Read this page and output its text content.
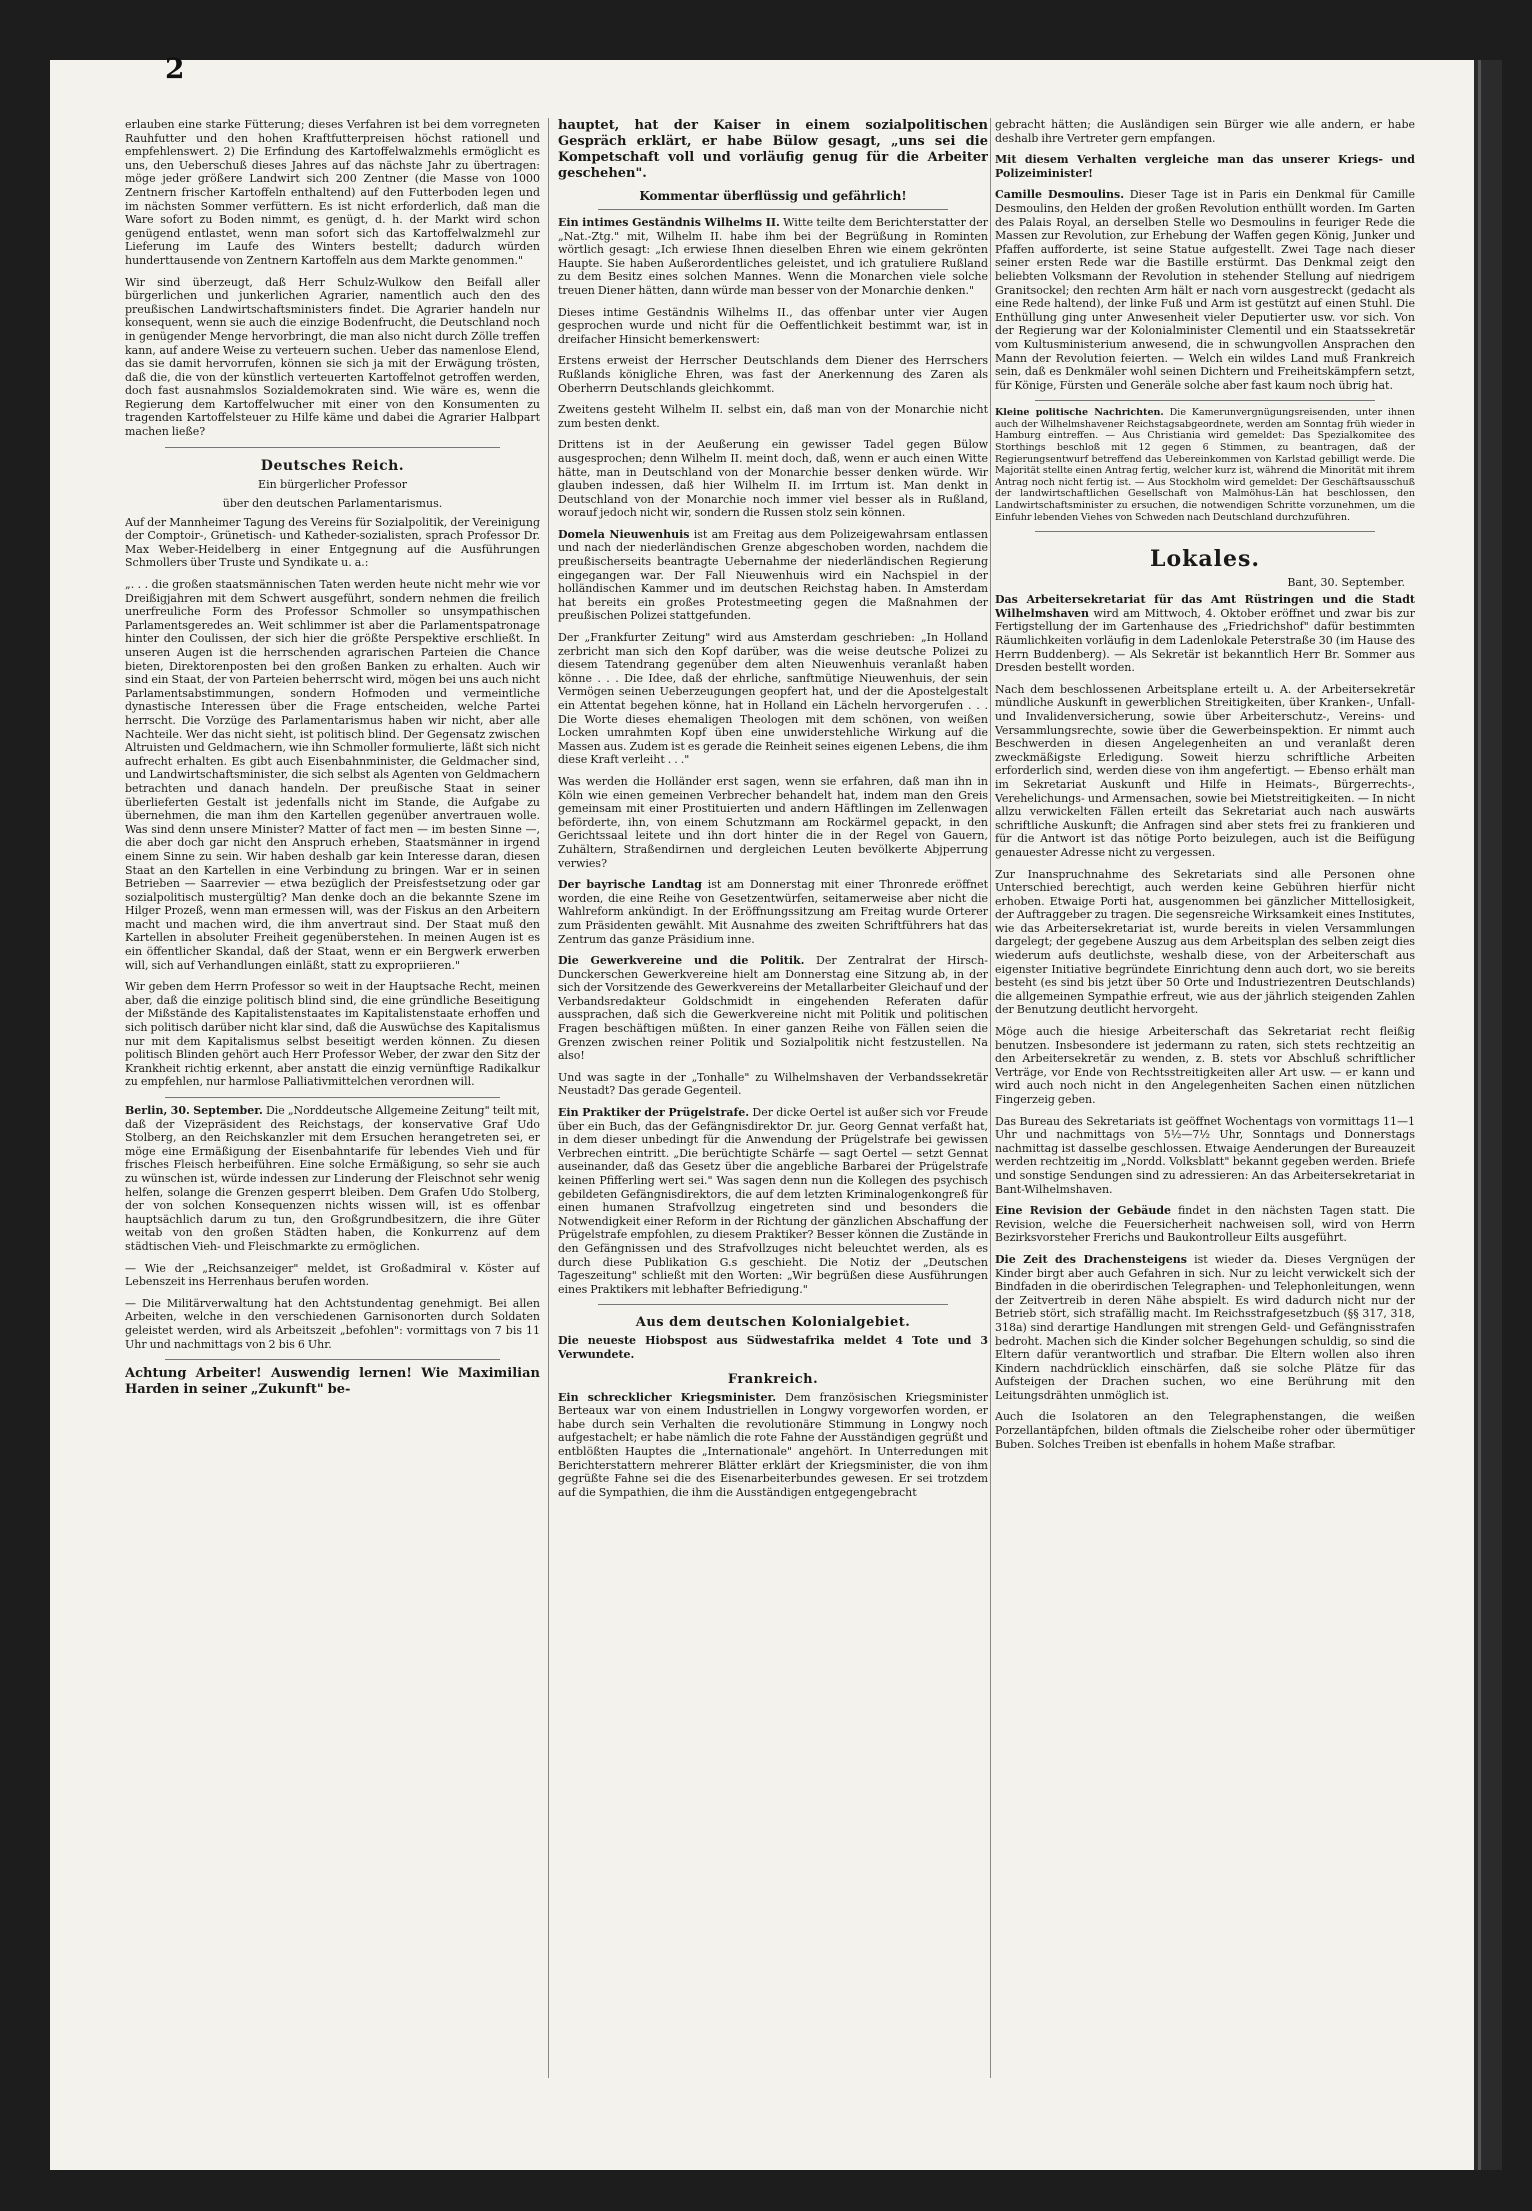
2

erlauben eine starke Fütterung; dieses Verfahren ist bei dem vorregneten Rauhfutter und den hohen Kraftfutterpreisen höchst rationell und empfehlenswert. 2) Die Erfindung des Kartoffelwalzmehls ermöglicht es uns, den Ueberschuß dieses Jahres auf das nächste Jahr zu übertragen: möge jeder größere Landwirt sich 200 Zentner (die Masse von 1000 Zentnern frischer Kartoffeln enthaltend) auf den Futterboden legen und im nächsten Sommer verfüttern. Es ist nicht erforderlich, daß man die Ware sofort zu Boden nimmt, es genügt, d. h. der Markt wird schon genügend entlastet, wenn man sofort sich das Kartoffelwalzmehl zur Lieferung im Laufe des Winters bestellt; dadurch würden hunderttausende von Zentnern Kartoffeln aus dem Markte genommen."

Wir sind überzeugt, daß Herr Schulz-Wulkow den Beifall aller bürgerlichen und junkerlichen Agrarier, namentlich auch den des preußischen Landwirtschaftsministers findet. Die Agrarier handeln nur konsequent, wenn sie auch die einzige Bodenfrucht, die Deutschland noch in genügender Menge hervorbringt, die man also nicht durch Zölle treffen kann, auf andere Weise zu verteuern suchen. Ueber das namenlose Elend, das sie damit hervorrufen, können sie sich ja mit der Erwägung trösten, daß die, die von der künstlich verteuerten Kartoffelnot getroffen werden, doch fast ausnahmslos Sozialdemokraten sind. Wie wäre es, wenn die Regierung dem Kartoffelwucher mit einer von den Konsumenten zu tragenden Kartoffelsteuer zu Hilfe käme und dabei die Agrarier Halbpart machen ließe?

Deutsches Reich.
Ein bürgerlicher Professor
über den deutschen Parlamentarismus.

Auf der Mannheimer Tagung des Vereins für Sozialpolitik, der Vereinigung der Comptoir-, Grünetisch- und Katheder-sozialisten, sprach Professor Dr. Max Weber-Heidelberg in einer Entgegnung auf die Ausführungen Schmollers über Truste und Syndikate u. a.:

„. . . die großen staatsmännischen Taten werden heute nicht mehr wie vor Dreißigjahren mit dem Schwert ausgeführt, sondern nehmen die freilich unerfreuliche Form des Professor Schmoller so unsympathischen Parlamentsgeredes an. Weit schlimmer ist aber die Parlamentspatronage hinter den Coulissen, der sich hier die größte Perspektive erschließt. In unseren Augen ist die herrschenden agrarischen Parteien die Chance bieten, Direktorenposten bei den großen Banken zu erhalten. Auch wir sind ein Staat, der von Parteien beherrscht wird, mögen bei uns auch nicht Parlamentsabstimmungen, sondern Hofmoden und vermeintliche dynastische Interessen über die Frage entscheiden, welche Partei herrscht. Die Vorzüge des Parlamentarismus haben wir nicht, aber alle Nachteile. Wer das nicht sieht, ist politisch blind. Der Gegensatz zwischen Altruisten und Geldmachern, wie ihn Schmoller formulierte, läßt sich nicht aufrecht erhalten. Es gibt auch Eisenbahnminister, die Geldmacher sind, und Landwirtschaftsminister, die sich selbst als Agenten von Geldmachern betrachten und danach handeln. Der preußische Staat in seiner überlieferten Gestalt ist jedenfalls nicht im Stande, die Aufgabe zu übernehmen, die man ihm den Kartellen gegenüber anvertrauen wolle. Was sind denn unsere Minister? Matter of fact men — im besten Sinne —, die aber doch gar nicht den Anspruch erheben, Staatsmänner in irgend einem Sinne zu sein. Wir haben deshalb gar kein Interesse daran, diesen Staat an den Kartellen in eine Verbindung zu bringen. War er in seinen Betrieben — Saarrevier — etwa bezüglich der Preisfestsetzung oder gar sozialpolitisch mustergültig? Man denke doch an die bekannte Szene im Hilger Prozeß, wenn man ermessen will, was der Fiskus an den Arbeitern macht und machen wird, die ihm anvertraut sind. Der Staat muß den Kartellen in absoluter Freiheit gegenüberstehen. In meinen Augen ist es ein öffentlicher Skandal, daß der Staat, wenn er ein Bergwerk erwerben will, sich auf Verhandlungen einläßt, statt zu expropriieren."

Wir geben dem Herrn Professor so weit in der Hauptsache Recht, meinen aber, daß die einzige politisch blind sind, die eine gründliche Beseitigung der Mißstände des Kapitalistenstaates im Kapitalistenstaate erhoffen und sich politisch darüber nicht klar sind, daß die Auswüchse des Kapitalismus nur mit dem Kapitalismus selbst beseitigt werden können. Zu diesen politisch Blinden gehört auch Herr Professor Weber, der zwar den Sitz der Krankheit richtig erkennt, aber anstatt die einzig vernünftige Radikalkur zu empfehlen, nur harmlose Palliativmittelchen verordnen will.

Berlin, 30. September. Die „Norddeutsche Allgemeine Zeitung" teilt mit, daß der Vizepräsident des Reichstags, der konservative Graf Udo Stolberg, an den Reichskanzler mit dem Ersuchen herangetreten sei, er möge eine Ermäßigung der Eisenbahntarife für lebendes Vieh und für frisches Fleisch herbeiführen. Eine solche Ermäßigung, so sehr sie auch zu wünschen ist, würde indessen zur Linderung der Fleischnot sehr wenig helfen, solange die Grenzen gesperrt bleiben. Dem Grafen Udo Stolberg, der von solchen Konsequenzen nichts wissen will, ist es offenbar hauptsächlich darum zu tun, den Großgrundbesitzern, die ihre Güter weitab von den großen Städten haben, die Konkurrenz auf dem städtischen Vieh- und Fleischmarkte zu ermöglichen.

— Wie der „Reichsanzeiger" meldet, ist Großadmiral v. Köster auf Lebenszeit ins Herrenhaus berufen worden.

— Die Militärverwaltung hat den Achtstundentag genehmigt. Bei allen Arbeiten, welche in den verschiedenen Garnisonorten durch Soldaten geleistet werden, wird als Arbeitszeit „befohlen": vormittags von 7 bis 11 Uhr und nachmittags von 2 bis 6 Uhr.

Achtung Arbeiter! Auswendig lernen! Wie Maximilian Harden in seiner „Zukunft" be-

hauptet, hat der Kaiser in einem sozialpolitischen Gespräch erklärt, er habe Bülow gesagt, „uns sei die Kompetschaft voll und vorläufig genug für die Arbeiter geschehen".

Kommentar überflüssig und gefährlich!

Ein intimes Geständnis Wilhelms II. Witte teilte dem Berichterstatter der „Nat.-Ztg." mit, Wilhelm II. habe ihm bei der Begrüßung in Rominten wörtlich gesagt: „Ich erwiese Ihnen dieselben Ehren wie einem gekrönten Haupte. Sie haben Außerordentliches geleistet, und ich gratuliere Rußland zu dem Besitz eines solchen Mannes. Wenn die Monarchen viele solche treuen Diener hätten, dann würde man besser von der Monarchie denken."

Dieses intime Geständnis Wilhelms II., das offenbar unter vier Augen gesprochen wurde und nicht für die Oeffentlichkeit bestimmt war, ist in dreifacher Hinsicht bemerkenswert:

Erstens erweist der Herrscher Deutschlands dem Diener des Herrschers Rußlands königliche Ehren, was fast der Anerkennung des Zaren als Oberherrn Deutschlands gleichkommt.

Zweitens gesteht Wilhelm II. selbst ein, daß man von der Monarchie nicht zum besten denkt.

Drittens ist in der Aeußerung ein gewisser Tadel gegen Bülow ausgesprochen; denn Wilhelm II. meint doch, daß, wenn er auch einen Witte hätte, man in Deutschland von der Monarchie besser denken würde. Wir glauben indessen, daß hier Wilhelm II. im Irrtum ist. Man denkt in Deutschland von der Monarchie noch immer viel besser als in Rußland, worauf jedoch nicht wir, sondern die Russen stolz sein können.

Domela Nieuwenhuis ist am Freitag aus dem Polizeigewahrsam entlassen und nach der niederländischen Grenze abgeschoben worden, nachdem die preußischerseits beantragte Uebernahme der niederländischen Regierung eingegangen war. Der Fall Nieuwenhuis wird ein Nachspiel in der holländischen Kammer und im deutschen Reichstag haben. In Amsterdam hat bereits ein großes Protestmeeting gegen die Maßnahmen der preußischen Polizei stattgefunden.

Der „Frankfurter Zeitung" wird aus Amsterdam geschrieben: „In Holland zerbricht man sich den Kopf darüber, was die weise deutsche Polizei zu diesem Tatendrang gegenüber dem alten Nieuwenhuis veranlaßt haben könne . . . Die Idee, daß der ehrliche, sanftmütige Nieuwenhuis, der sein Vermögen seinen Ueberzeugungen geopfert hat, und der die Apostelgestalt ein Attentat begehen könne, hat in Holland ein Lächeln hervorgerufen . . . Die Worte dieses ehemaligen Theologen mit dem schönen, von weißen Locken umrahmten Kopf üben eine unwiderstehliche Wirkung auf die Massen aus. Zudem ist es gerade die Reinheit seines eigenen Lebens, die ihm diese Kraft verleiht . . ."

Was werden die Holländer erst sagen, wenn sie erfahren, daß man ihn in Köln wie einen gemeinen Verbrecher behandelt hat, indem man den Greis gemeinsam mit einer Prostituierten und andern Häftlingen im Zellenwagen beförderte, ihn, von einem Schutzmann am Rockärmel gepackt, in den Gerichtssaal leitete und ihn dort hinter die in der Regel von Gauern, Zuhältern, Straßendirnen und dergleichen Leuten bevölkerte Abjperrung verwies?

Der bayrische Landtag ist am Donnerstag mit einer Thronrede eröffnet worden, die eine Reihe von Gesetzentwürfen, seitamerweise aber nicht die Wahlreform ankündigt. In der Eröffnungssitzung am Freitag wurde Orterer zum Präsidenten gewählt. Mit Ausnahme des zweiten Schriftführers hat das Zentrum das ganze Präsidium inne.

Die Gewerkvereine und die Politik. Der Zentralrat der Hirsch-Dunckerschen Gewerkvereine hielt am Donnerstag eine Sitzung ab, in der sich der Vorsitzende des Gewerkvereins der Metallarbeiter Gleichauf und der Verbandsredakteur Goldschmidt in eingehenden Referaten dafür aussprachen, daß sich die Gewerkvereine nicht mit Politik und politischen Fragen beschäftigen müßten. In einer ganzen Reihe von Fällen seien die Grenzen zwischen reiner Politik und Sozialpolitik nicht festzustellen. Na also!

Und was sagte in der „Tonhalle" zu Wilhelmshaven der Verbandssekretär Neustadt? Das gerade Gegenteil.

Ein Praktiker der Prügelstrafe. Der dicke Oertel ist außer sich vor Freude über ein Buch, das der Gefängnisdirektor Dr. jur. Georg Gennat verfaßt hat, in dem dieser unbedingt für die Anwendung der Prügelstrafe bei gewissen Verbrechen eintritt. „Die berüchtigte Schärfe — sagt Oertel — setzt Gennat auseinander, daß das Gesetz über die angebliche Barbarei der Prügelstrafe keinen Pfifferling wert sei." Was sagen denn nun die Kollegen des psychisch gebildeten Gefängnisdirektors, die auf dem letzten Kriminalogenkongreß für einen humanen Strafvollzug eingetreten sind und besonders die Notwendigkeit einer Reform in der Richtung der gänzlichen Abschaffung der Prügelstrafe empfohlen, zu diesem Praktiker? Besser können die Zustände in den Gefängnissen und des Strafvollzuges nicht beleuchtet werden, als es durch diese Publikation G.s geschieht. Die Notiz der „Deutschen Tageszeitung" schließt mit den Worten: „Wir begrüßen diese Ausführungen eines Praktikers mit lebhafter Befriedigung."

Aus dem deutschen Kolonialgebiet.

Die neueste Hiobspost aus Südwestafrika meldet 4 Tote und 3 Verwundete.

Frankreich.

Ein schrecklicher Kriegsminister. Dem französischen Kriegsminister Berteaux war von einem Industriellen in Longwy vorgeworfen worden, er habe durch sein Verhalten die revolutionäre Stimmung in Longwy noch aufgestachelt; er habe nämlich die rote Fahne der Ausständigen gegrüßt und entblößten Hauptes die „Internationale" angehört. In Unterredungen mit Berichterstattern mehrerer Blätter erklärt der Kriegsminister, die von ihm gegrüßte Fahne sei die des Eisenarbeiterbundes gewesen. Er sei trotzdem auf die Sympathien, die ihm die Ausständigen entgegengebracht

gebracht hätten; die Ausländigen sein Bürger wie alle andern, er habe deshalb ihre Vertreter gern empfangen.

Mit diesem Verhalten vergleiche man das unserer Kriegs- und Polizeiminister!

Camille Desmoulins. Dieser Tage ist in Paris ein Denkmal für Camille Desmoulins, den Helden der großen Revolution enthüllt worden. Im Garten des Palais Royal, an derselben Stelle wo Desmoulins in feuriger Rede die Massen zur Revolution, zur Erhebung der Waffen gegen König, Junker und Pfaffen aufforderte, ist seine Statue aufgestellt. Zwei Tage nach dieser seiner ersten Rede war die Bastille erstürmt. Das Denkmal zeigt den beliebten Volksmann der Revolution in stehender Stellung auf niedrigem Granitsockel; den rechten Arm hält er nach vorn ausgestreckt (gedacht als eine Rede haltend), der linke Fuß und Arm ist gestützt auf einen Stuhl. Die Enthüllung ging unter Anwesenheit vieler Deputierter usw. vor sich. Von der Regierung war der Kolonialminister Clementil und ein Staatssekretär vom Kultusministerium anwesend, die in schwungvollen Ansprachen den Mann der Revolution feierten. — Welch ein wildes Land muß Frankreich sein, daß es Denkmäler wohl seinen Dichtern und Freiheitskämpfern setzt, für Könige, Fürsten und Generäle solche aber fast kaum noch übrig hat.

Kleine politische Nachrichten. Die Kamerunvergnügungsreisenden, unter ihnen auch der Wilhelmshavener Reichstagsabgeordnete, werden am Sonntag früh wieder in Hamburg eintreffen. — Aus Christiania wird gemeldet: Das Spezialkomitee des Storthings beschloß mit 12 gegen 6 Stimmen, zu beantragen, daß der Regierungsentwurf betreffend das Uebereinkommen von Karlstad gebilligt werde. Die Majorität stellte einen Antrag fertig, welcher kurz ist, während die Minorität mit ihrem Antrag noch nicht fertig ist. — Aus Stockholm wird gemeldet: Der Geschäftsausschuß der landwirtschaftlichen Gesellschaft von Malmöhus-Län hat beschlossen, den Landwirtschaftsminister zu ersuchen, die notwendigen Schritte vorzunehmen, um die Einfuhr lebenden Viehes von Schweden nach Deutschland durchzuführen.

Lokales.
Bant, 30. September.

Das Arbeitersekretariat für das Amt Rüstringen und die Stadt Wilhelmshaven wird am Mittwoch, 4. Oktober eröffnet und zwar bis zur Fertigstellung der im Gartenhause des „Friedrichshof" dafür bestimmten Räumlichkeiten vorläufig in dem Ladenlokale Peterstraße 30 (im Hause des Herrn Buddenberg). — Als Sekretär ist bekanntlich Herr Br. Sommer aus Dresden bestellt worden.

Nach dem beschlossenen Arbeitsplane erteilt u. A. der Arbeitersekretär mündliche Auskunft in gewerblichen Streitigkeiten, über Kranken-, Unfall- und Invalidenversicherung, sowie über Arbeiterschutz-, Vereins- und Versammlungsrechte, sowie über die Gewerbeinspektion. Er nimmt auch Beschwerden in diesen Angelegenheiten an und veranlaßt deren zweckmäßigste Erledigung. Soweit hierzu schriftliche Arbeiten erforderlich sind, werden diese von ihm angefertigt. — Ebenso erhält man im Sekretariat Auskunft und Hilfe in Heimats-, Bürgerrechts-, Verehelichungs- und Armensachen, sowie bei Mietstreitigkeiten. — In nicht allzu verwickelten Fällen erteilt das Sekretariat auch nach auswärts schriftliche Auskunft; die Anfragen sind aber stets frei zu frankieren und für die Antwort ist das nötige Porto beizulegen, auch ist die Beifügung genauester Adresse nicht zu vergessen.

Zur Inanspruchnahme des Sekretariats sind alle Personen ohne Unterschied berechtigt, auch werden keine Gebühren hierfür nicht erhoben. Etwaige Porti hat, ausgenommen bei gänzlicher Mittellosigkeit, der Auftraggeber zu tragen. Die segensreiche Wirksamkeit eines Institutes, wie das Arbeitersekretariat ist, wurde bereits in vielen Versammlungen dargelegt; der gegebene Auszug aus dem Arbeitsplan des selben zeigt dies wiederum aufs deutlichste, weshalb diese, von der Arbeiterschaft aus eigenster Initiative begründete Einrichtung denn auch dort, wo sie bereits besteht (es sind bis jetzt über 50 Orte und Industriezentren Deutschlands) die allgemeinen Sympathie erfreut, wie aus der jährlich steigenden Zahlen der Benutzung deutlicht hervorgeht.

Möge auch die hiesige Arbeiterschaft das Sekretariat recht fleißig benutzen. Insbesondere ist jedermann zu raten, sich stets rechtzeitig an den Arbeitersekretär zu wenden, z. B. stets vor Abschluß schriftlicher Verträge, vor Ende von Rechtsstreitigkeiten aller Art usw. — er kann und wird auch noch nicht in den Angelegenheiten Sachen einen nützlichen Fingerzeig geben.

Das Bureau des Sekretariats ist geöffnet Wochentags von vormittags 11—1 Uhr und nachmittags von 5½—7½ Uhr, Sonntags und Donnerstags nachmittag ist dasselbe geschlossen. Etwaige Aenderungen der Bureauzeit werden rechtzeitig im „Nordd. Volksblatt" bekannt gegeben werden. Briefe und sonstige Sendungen sind zu adressieren: An das Arbeitersekretariat in Bant-Wilhelmshaven.

Eine Revision der Gebäude findet in den nächsten Tagen statt. Die Revision, welche die Feuersicherheit nachweisen soll, wird von Herrn Bezirksvorsteher Frerichs und Baukontrolleur Eilts ausgeführt.

Die Zeit des Drachensteigens ist wieder da. Dieses Vergnügen der Kinder birgt aber auch Gefahren in sich. Nur zu leicht verwickelt sich der Bindfaden in die oberirdischen Telegraphen- und Telephonleitungen, wenn der Zeitvertreib in deren Nähe abspielt. Es wird dadurch nicht nur der Betrieb stört, sich strafällig macht. Im Reichsstrafgesetzbuch (§§ 317, 318, 318a) sind derartige Handlungen mit strengen Geld- und Gefängnisstrafen bedroht. Machen sich die Kinder solcher Begehungen schuldig, so sind die Eltern dafür verantwortlich und strafbar. Die Eltern wollen also ihren Kindern nachdrücklich einschärfen, daß sie solche Plätze für das Aufsteigen der Drachen suchen, wo eine Berührung mit den Leitungsdrähten unmöglich ist.

Auch die Isolatoren an den Telegraphenstangen, die weißen Porzellantäpfchen, bilden oftmals die Zielscheibe roher oder übermütiger Buben. Solches Treiben ist ebenfalls in hohem Maße strafbar.
